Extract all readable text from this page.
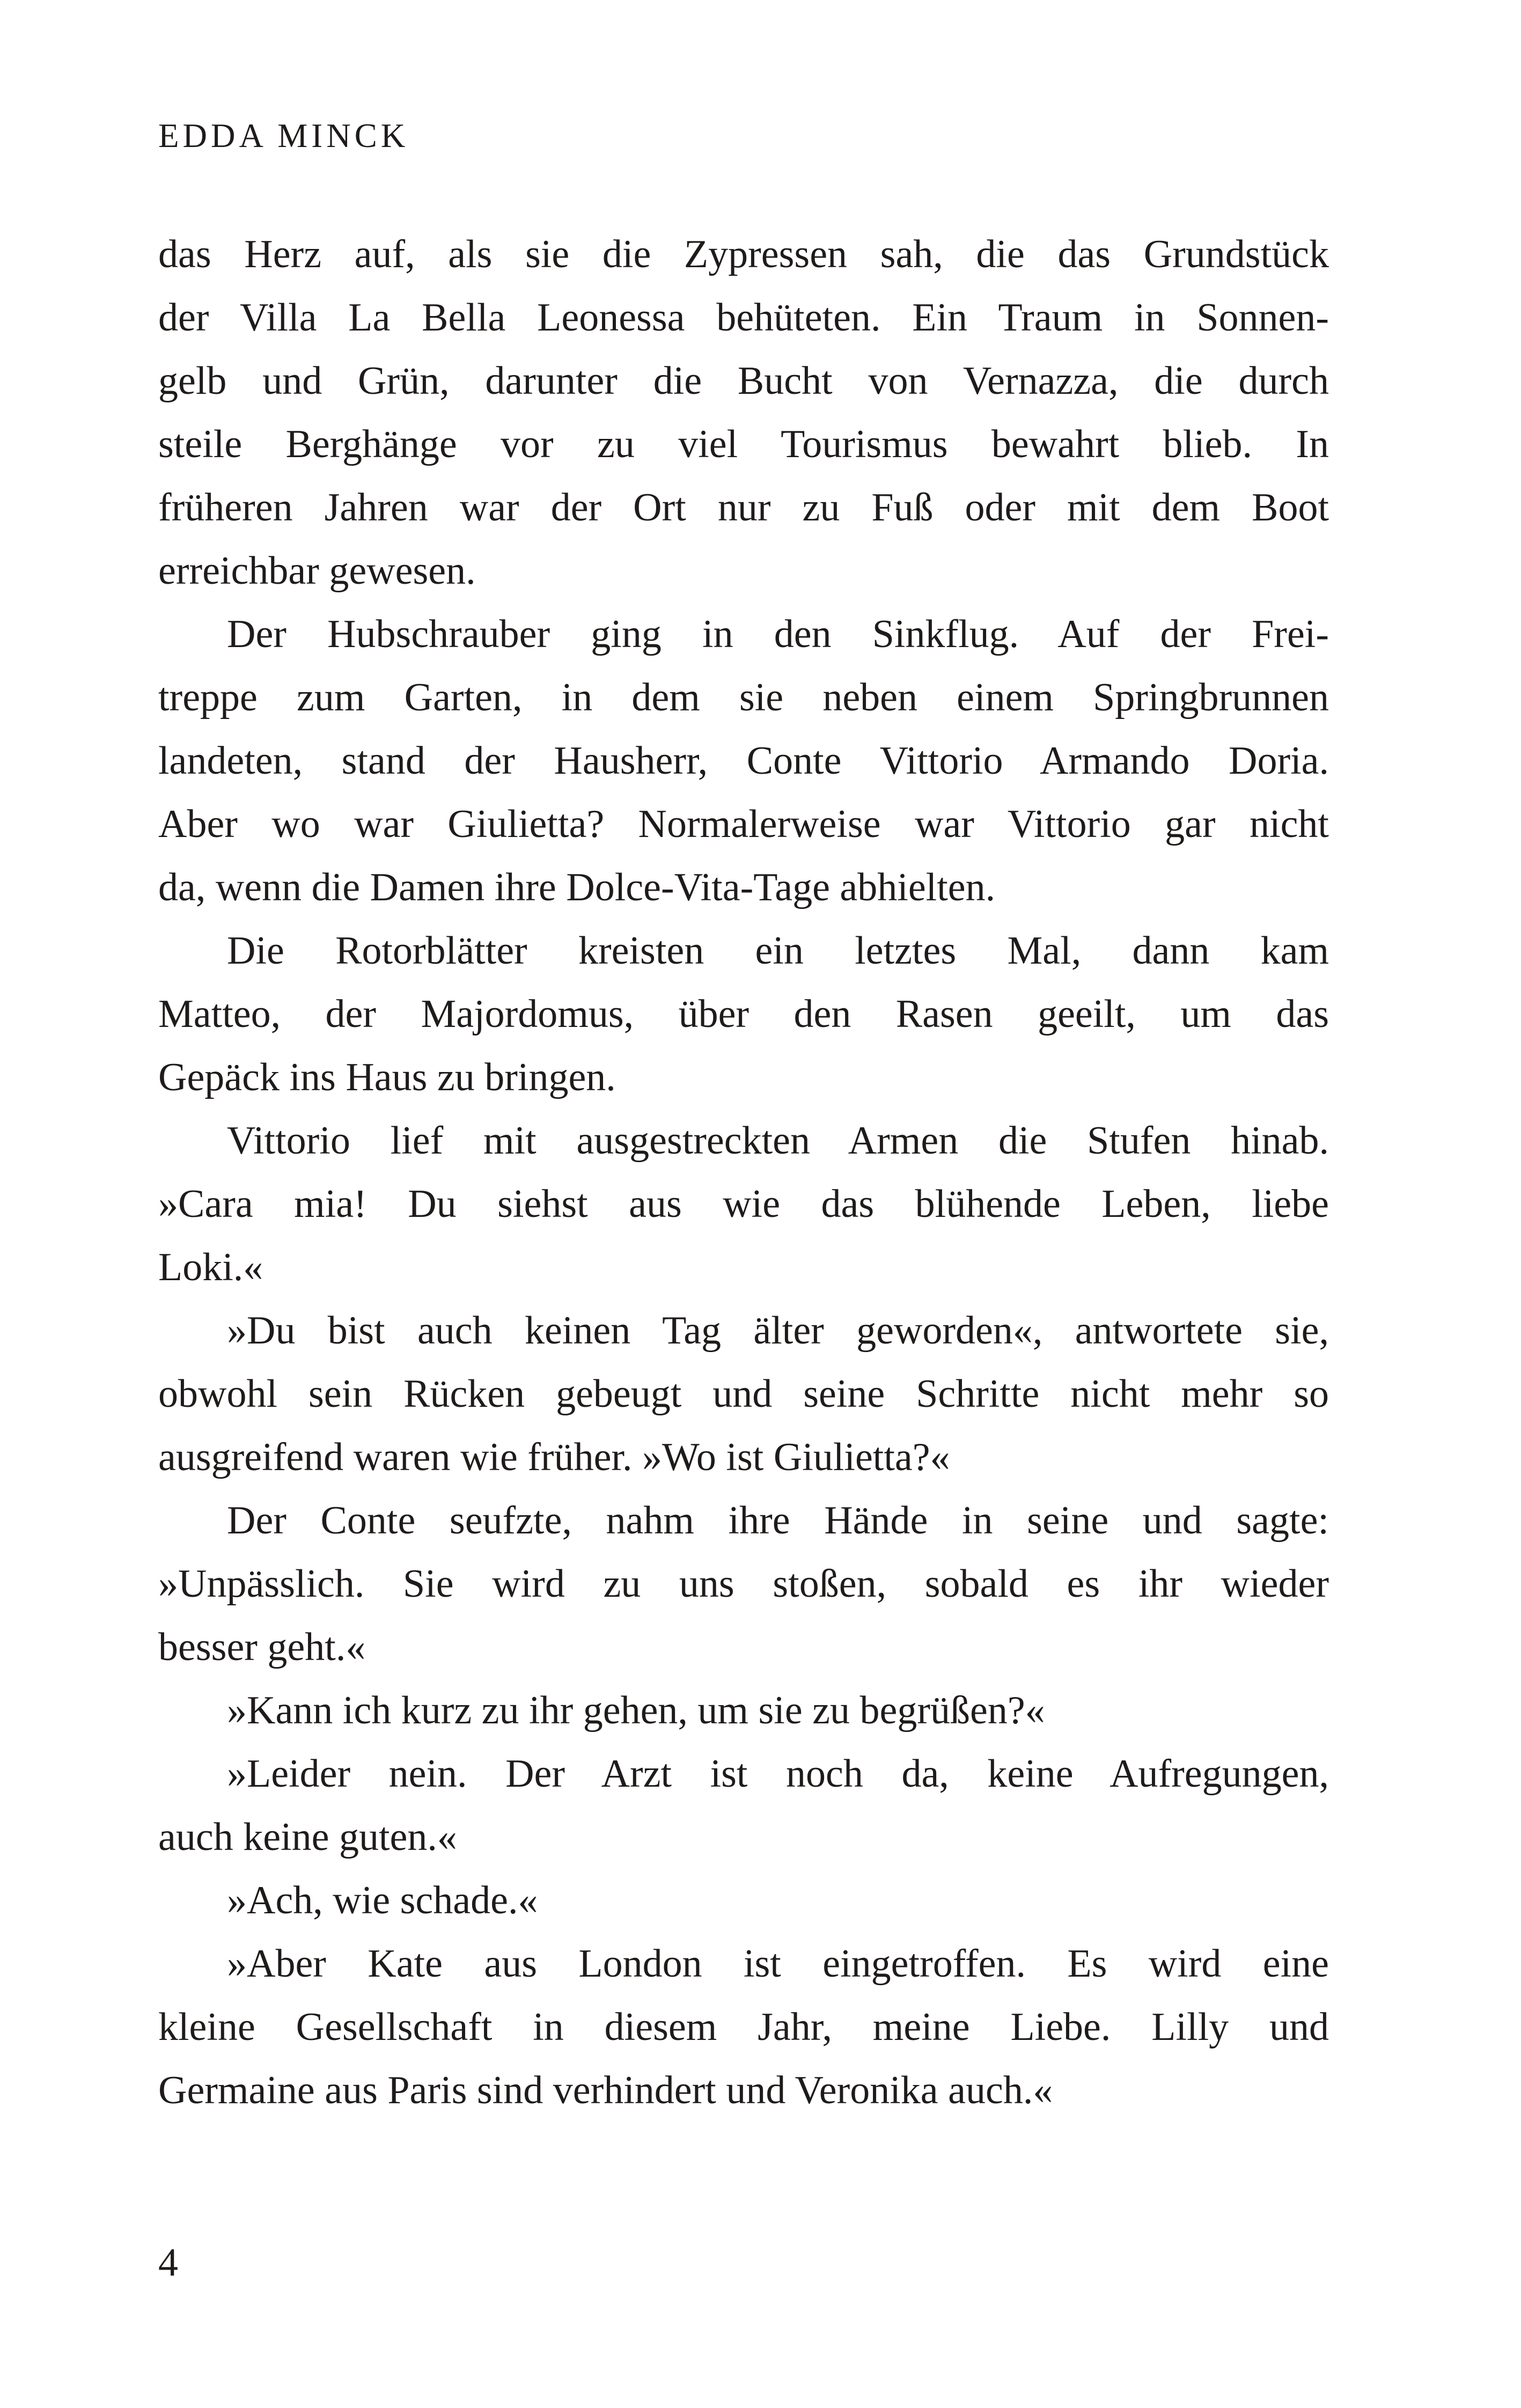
EDDA MINCK
das Herz auf, als sie die Zypressen sah, die das Grundstück
der Villa La Bella Leonessa behüteten. Ein Traum in Sonnen-
gelb und Grün, darunter die Bucht von Vernazza, die durch
steile Berghänge vor zu viel Tourismus bewahrt blieb. In
früheren Jahren war der Ort nur zu Fuß oder mit dem Boot
erreichbar gewesen.
Der Hubschrauber ging in den Sinkflug. Auf der Frei-
treppe zum Garten, in dem sie neben einem Springbrunnen
landeten, stand der Hausherr, Conte Vittorio Armando Doria.
Aber wo war Giulietta? Normalerweise war Vittorio gar nicht
da, wenn die Damen ihre Dolce-Vita-Tage abhielten.
Die Rotorblätter kreisten ein letztes Mal, dann kam
Matteo, der Majordomus, über den Rasen geeilt, um das
Gepäck ins Haus zu bringen.
Vittorio lief mit ausgestreckten Armen die Stufen hinab.
»Cara mia! Du siehst aus wie das blühende Leben, liebe
Loki.«
»Du bist auch keinen Tag älter geworden«, antwortete sie,
obwohl sein Rücken gebeugt und seine Schritte nicht mehr so
ausgreifend waren wie früher. »Wo ist Giulietta?«
Der Conte seufzte, nahm ihre Hände in seine und sagte:
»Unpässlich. Sie wird zu uns stoßen, sobald es ihr wieder
besser geht.«
»Kann ich kurz zu ihr gehen, um sie zu begrüßen?«
»Leider nein. Der Arzt ist noch da, keine Aufregungen,
auch keine guten.«
»Ach, wie schade.«
»Aber Kate aus London ist eingetroffen. Es wird eine
kleine Gesellschaft in diesem Jahr, meine Liebe. Lilly und
Germaine aus Paris sind verhindert und Veronika auch.«
4
